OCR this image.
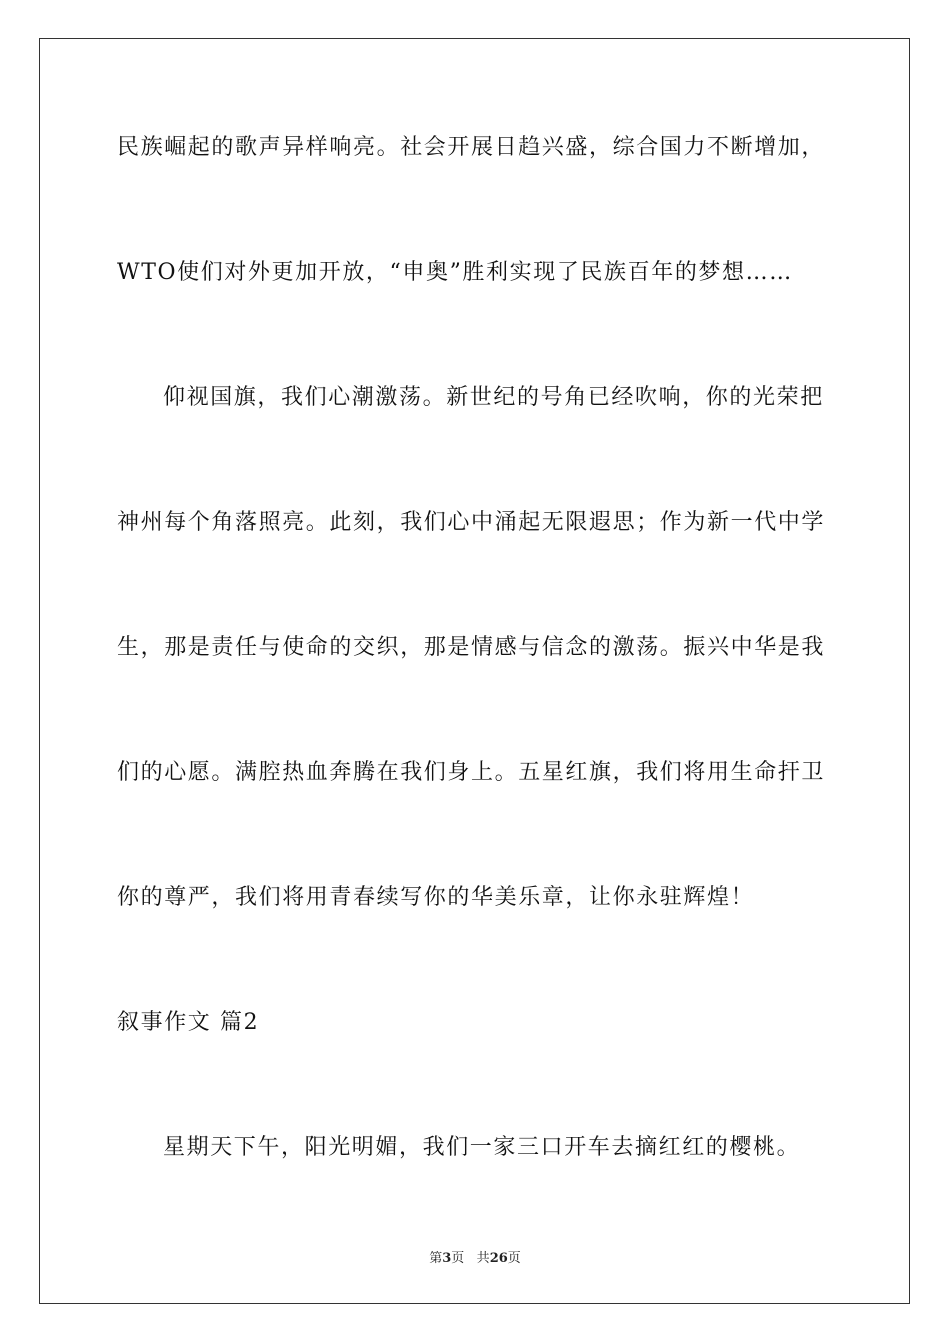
民族崛起的歌声异样响亮。社会开展日趋兴盛，综合国力不断增加，
WTO使们对外更加开放，“申奥”胜利实现了民族百年的梦想……
仰视国旗，我们心潮激荡。新世纪的号角已经吹响，你的光荣把
神州每个角落照亮。此刻，我们心中涌起无限遐思；作为新一代中学
生，那是责任与使命的交织，那是情感与信念的激荡。振兴中华是我
们的心愿。满腔热血奔腾在我们身上。五星红旗，我们将用生命扞卫
你的尊严，我们将用青春续写你的华美乐章，让你永驻辉煌！
叙事作文 篇2
星期天下午，阳光明媚，我们一家三口开车去摘红红的樱桃。
第3页 共26页
